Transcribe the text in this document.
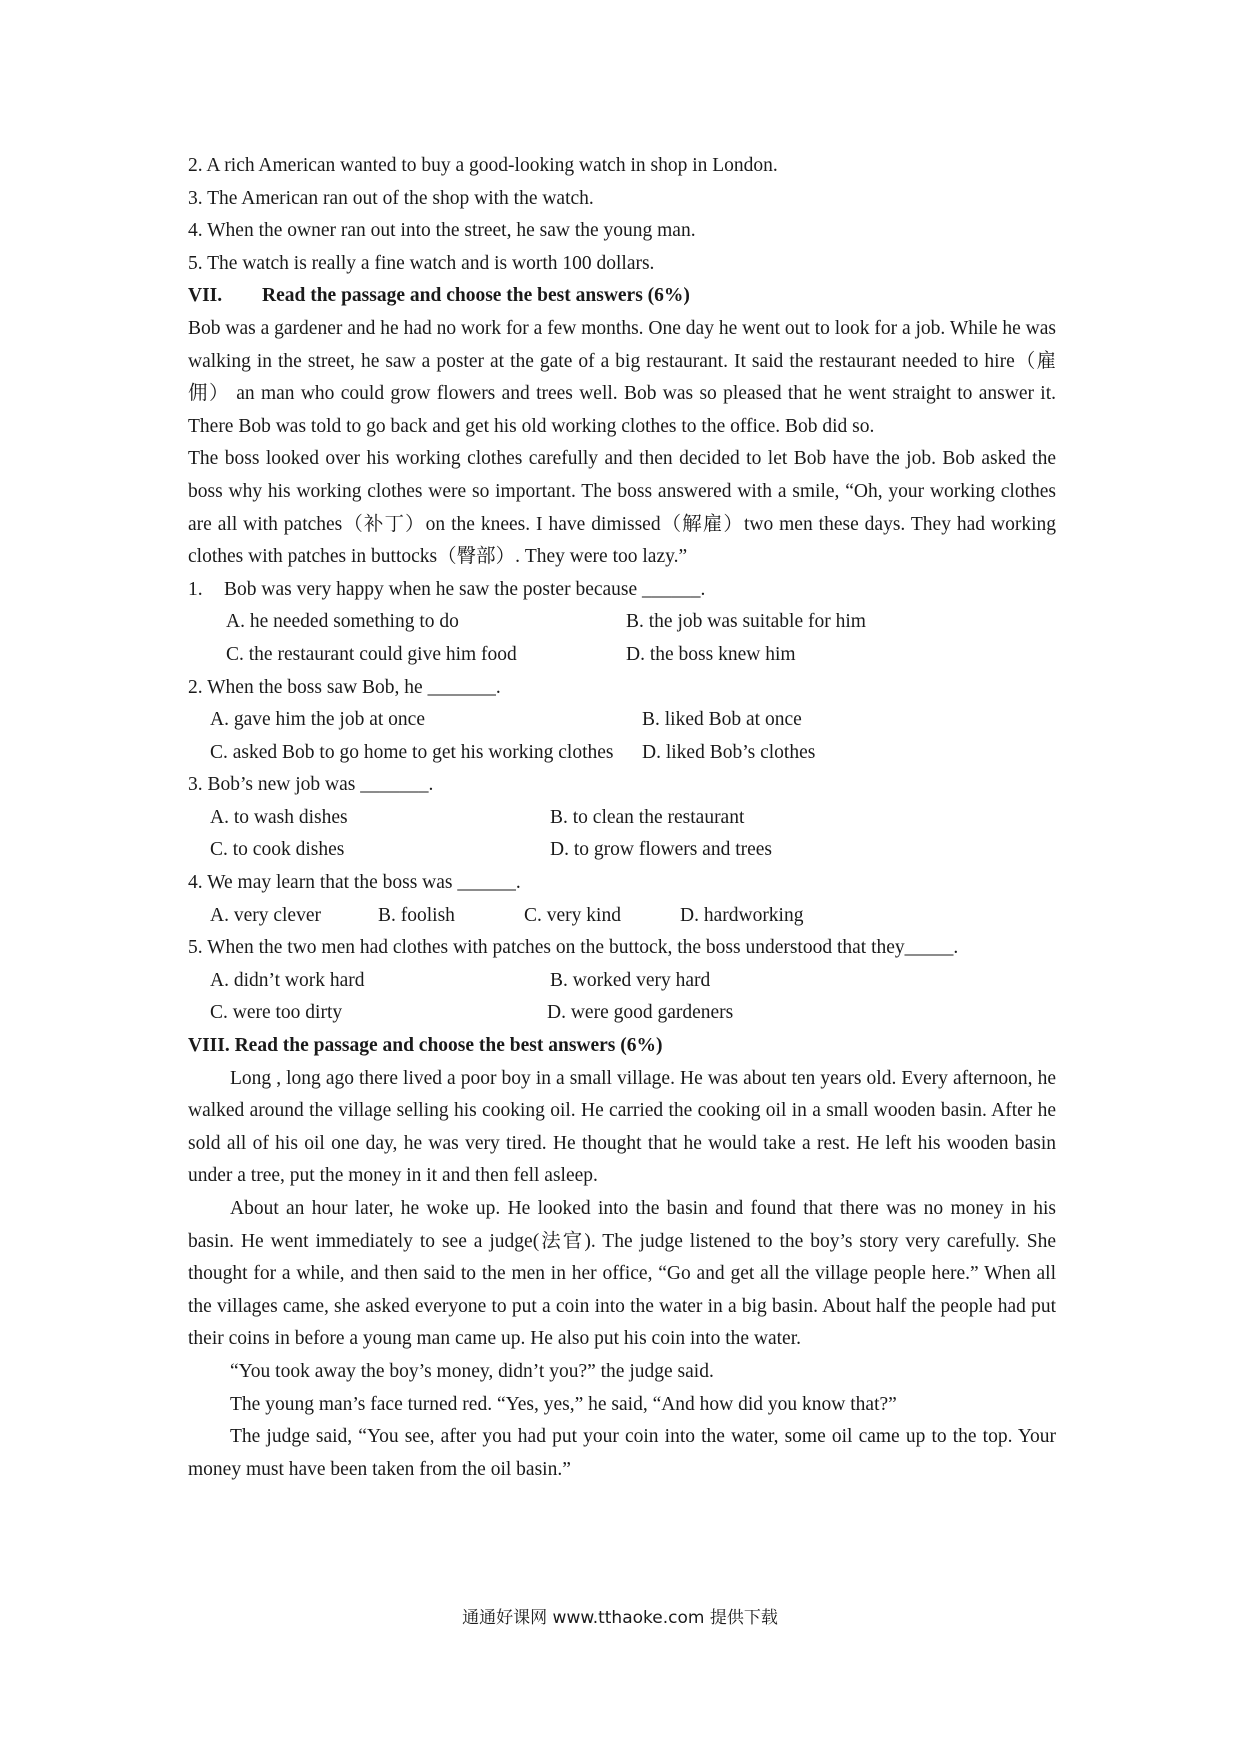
2. A rich American wanted to buy a good-looking watch in shop in London.

3. The American ran out of the shop with the watch.

4. When the owner ran out into the street, he saw the young man.

5. The watch is really a fine watch and is worth 100 dollars.

VII.	Read the passage and choose the best answers (6%)

Bob was a gardener and he had no work for a few months. One day he went out to look for a job. While he was walking in the street, he saw a poster at the gate of a big restaurant. It said the restaurant needed to hire（雇佣） an man who could grow flowers and trees well. Bob was so pleased that he went straight to answer it. There Bob was told to go back and get his old working clothes to the office. Bob did so.

The boss looked over his working clothes carefully and then decided to let Bob have the job. Bob asked the boss why his working clothes were so important. The boss answered with a smile, “Oh, your working clothes are all with patches（补丁）on the knees. I have dimissed（解雇）two men these days. They had working clothes with patches in buttocks（臀部）. They were too lazy.”

1.	Bob was very happy when he saw the poster because ______.
A. he needed something to do	B. the job was suitable for him
C. the restaurant could give him food	D. the boss knew him

2. When the boss saw Bob, he _______.

A. gave him the job at once	B. liked Bob at once
C. asked Bob to go home to get his working clothes	D. liked Bob’s clothes

3. Bob’s new job was _______.

A. to wash dishes	B. to clean the restaurant
C. to cook dishes	D. to grow flowers and trees

4. We may learn that the boss was ______.

A. very clever	B. foolish	C. very kind	D. hardworking

5. When the two men had clothes with patches on the buttock, the boss understood that they_____.

A. didn’t work hard	B. worked very hard
C. were too dirty	D. were good gardeners

VIII. Read the passage and choose the best answers (6%)

Long , long ago there lived a poor boy in a small village. He was about ten years old. Every afternoon, he walked around the village selling his cooking oil. He carried the cooking oil in a small wooden basin. After he sold all of his oil one day, he was very tired. He thought that he would take a rest. He left his wooden basin under a tree, put the money in it and then fell asleep.

About an hour later, he woke up. He looked into the basin and found that there was no money in his basin. He went immediately to see a judge(法官). The judge listened to the boy’s story very carefully. She thought for a while, and then said to the men in her office, “Go and get all the village people here.” When all the villages came, she asked everyone to put a coin into the water in a big basin. About half the people had put their coins in before a young man came up. He also put his coin into the water.

“You took away the boy’s money, didn’t you?” the judge said.

The young man’s face turned red. “Yes, yes,” he said, “And how did you know that?”

The judge said, “You see, after you had put your coin into the water, some oil came up to the top. Your money must have been taken from the oil basin.”

通通好课网 www.tthaoke.com 提供下载
